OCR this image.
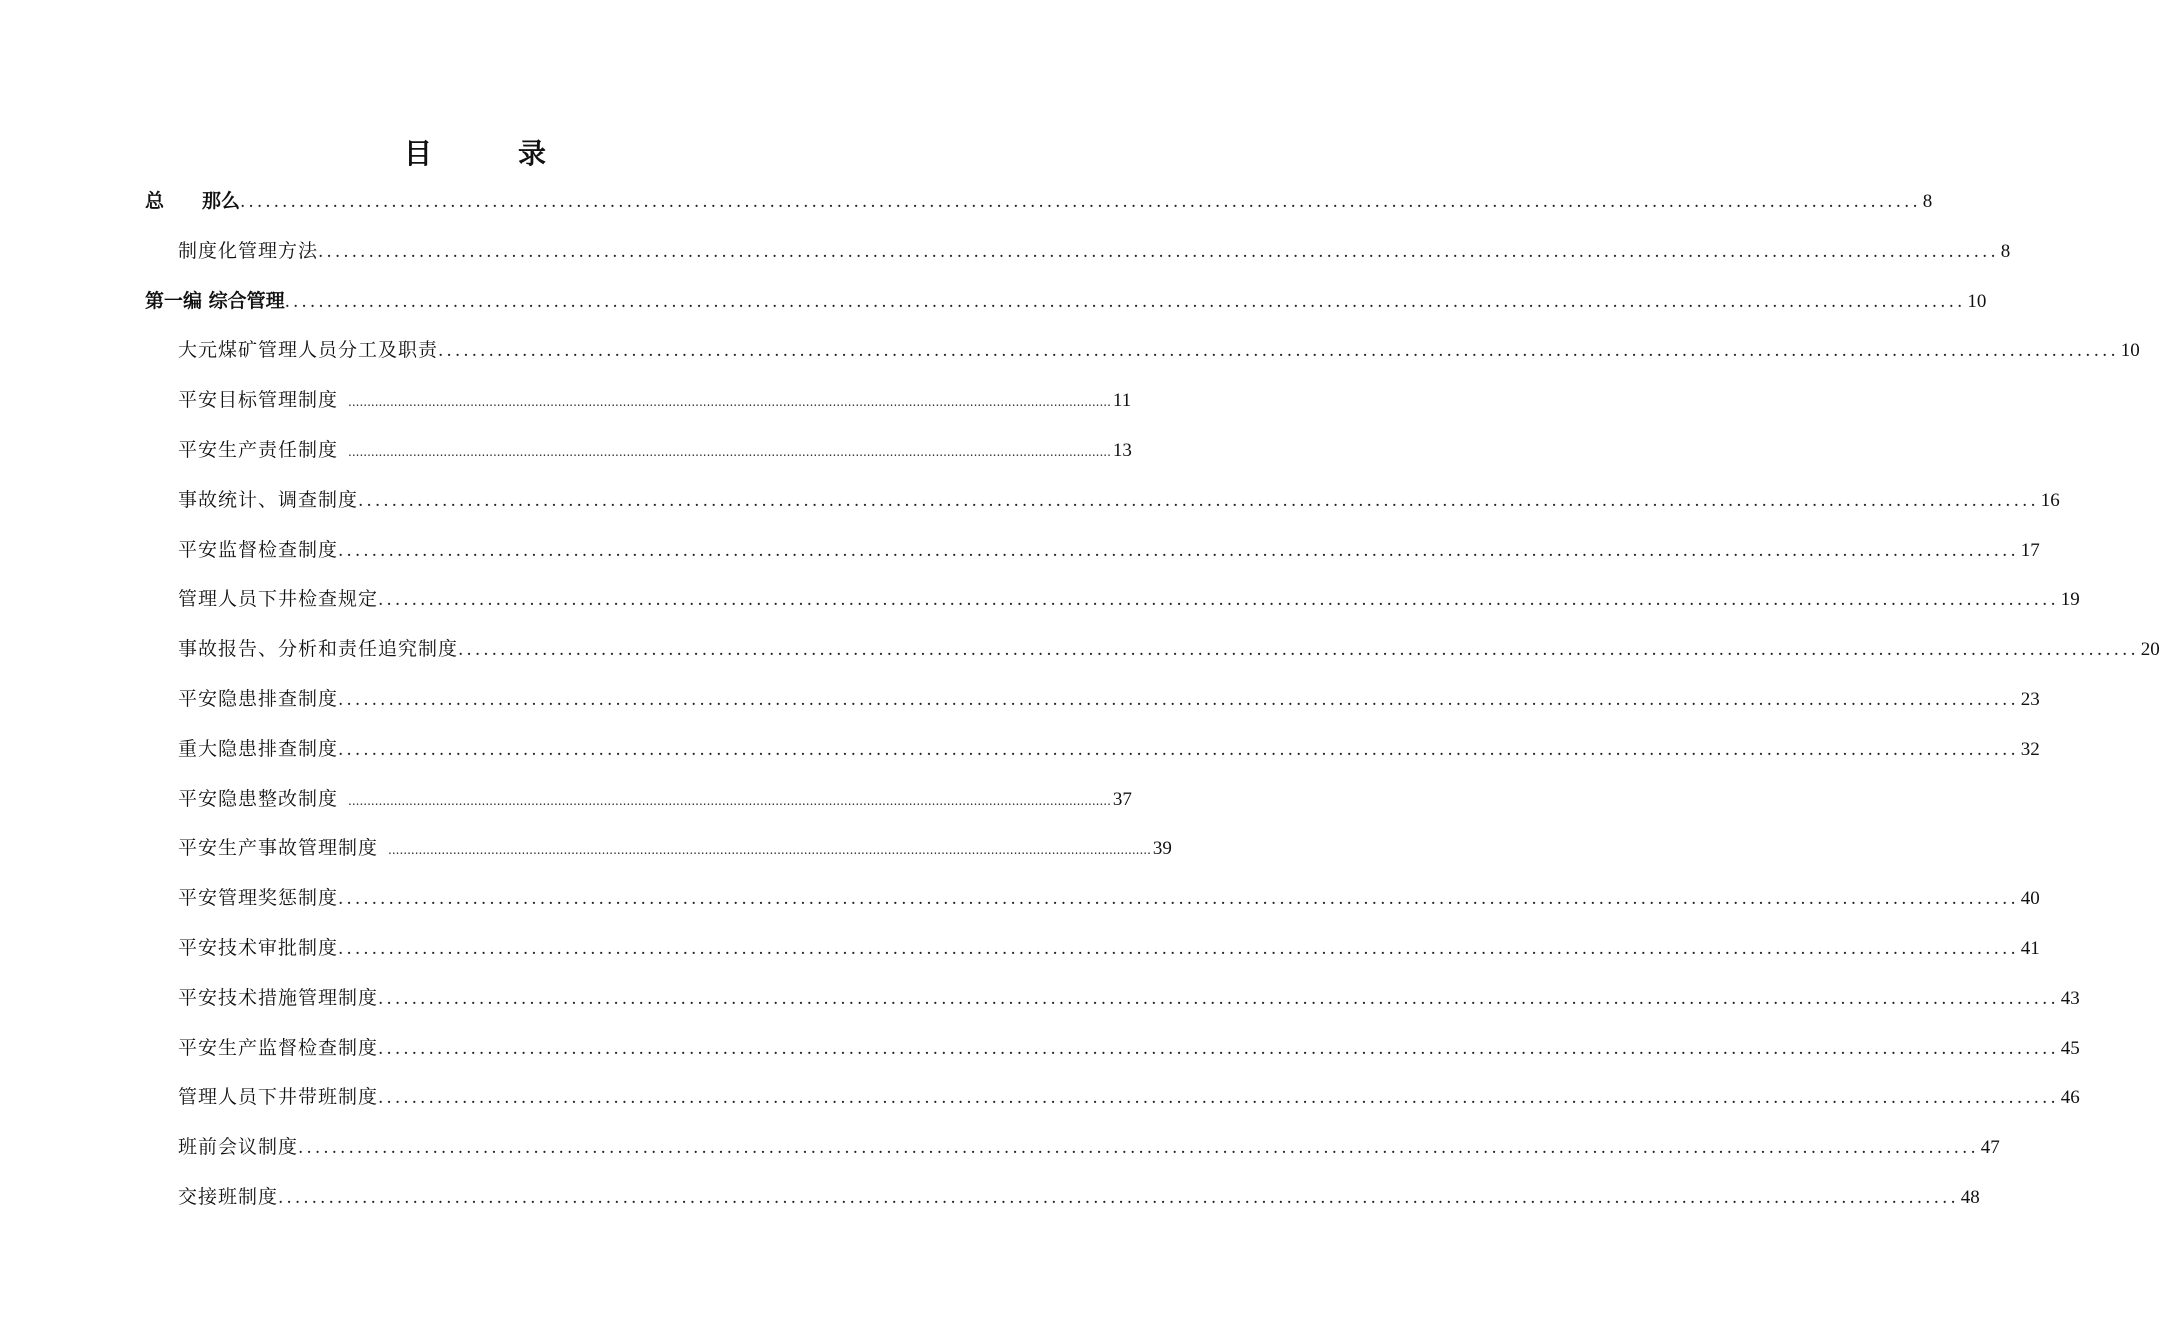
目	录
总　　那么 ........................................................................................................................................................................................................ 8
制度化管理方法 ........................................................................................................................................................................................................ 8
第一编 综合管理 ........................................................................................................................................................................................................ 10
大元煤矿管理人员分工及职责 ........................................................................................................................................................................................................ 10
平安目标管理制度 ........................................................................................................................................................................................................ 11
平安生产责任制度 ........................................................................................................................................................................................................ 13
事故统计、调查制度 ........................................................................................................................................................................................................ 16
平安监督检查制度 ........................................................................................................................................................................................................ 17
管理人员下井检查规定 ........................................................................................................................................................................................................ 19
事故报告、分析和责任追究制度 ........................................................................................................................................................................................................ 20
平安隐患排查制度 ........................................................................................................................................................................................................ 23
重大隐患排查制度 ........................................................................................................................................................................................................ 32
平安隐患整改制度 ........................................................................................................................................................................................................ 37
平安生产事故管理制度 ........................................................................................................................................................................................................ 39
平安管理奖惩制度 ........................................................................................................................................................................................................ 40
平安技术审批制度 ........................................................................................................................................................................................................ 41
平安技术措施管理制度 ........................................................................................................................................................................................................ 43
平安生产监督检查制度 ........................................................................................................................................................................................................ 45
管理人员下井带班制度 ........................................................................................................................................................................................................ 46
班前会议制度 ........................................................................................................................................................................................................ 47
交接班制度 ........................................................................................................................................................................................................ 48
